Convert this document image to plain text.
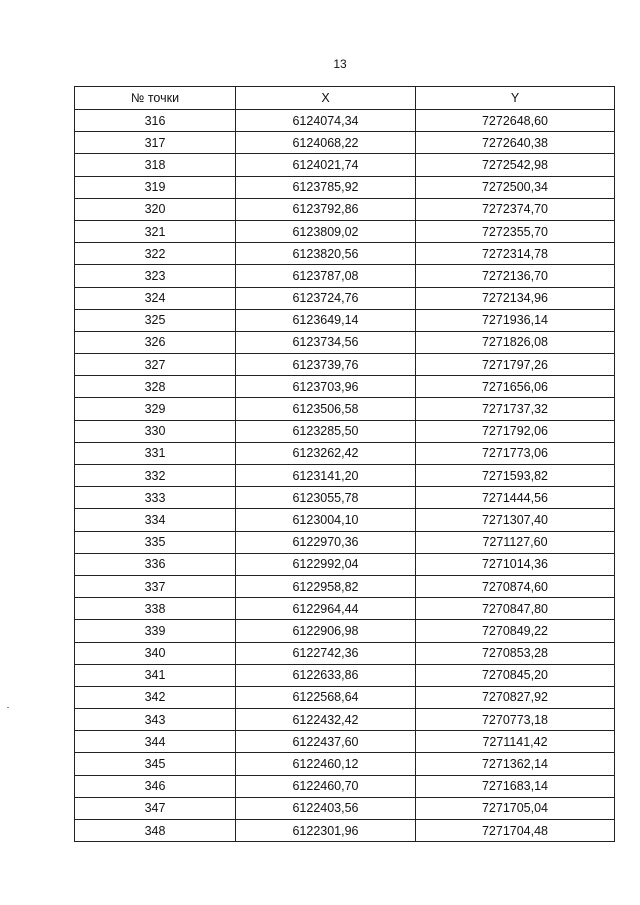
13
№ точки	X	Y
316	6124074,34	7272648,60
317	6124068,22	7272640,38
318	6124021,74	7272542,98
319	6123785,92	7272500,34
320	6123792,86	7272374,70
321	6123809,02	7272355,70
322	6123820,56	7272314,78
323	6123787,08	7272136,70
324	6123724,76	7272134,96
325	6123649,14	7271936,14
326	6123734,56	7271826,08
327	6123739,76	7271797,26
328	6123703,96	7271656,06
329	6123506,58	7271737,32
330	6123285,50	7271792,06
331	6123262,42	7271773,06
332	6123141,20	7271593,82
333	6123055,78	7271444,56
334	6123004,10	7271307,40
335	6122970,36	7271127,60
336	6122992,04	7271014,36
337	6122958,82	7270874,60
338	6122964,44	7270847,80
339	6122906,98	7270849,22
340	6122742,36	7270853,28
341	6122633,86	7270845,20
342	6122568,64	7270827,92
343	6122432,42	7270773,18
344	6122437,60	7271141,42
345	6122460,12	7271362,14
346	6122460,70	7271683,14
347	6122403,56	7271705,04
348	6122301,96	7271704,48
